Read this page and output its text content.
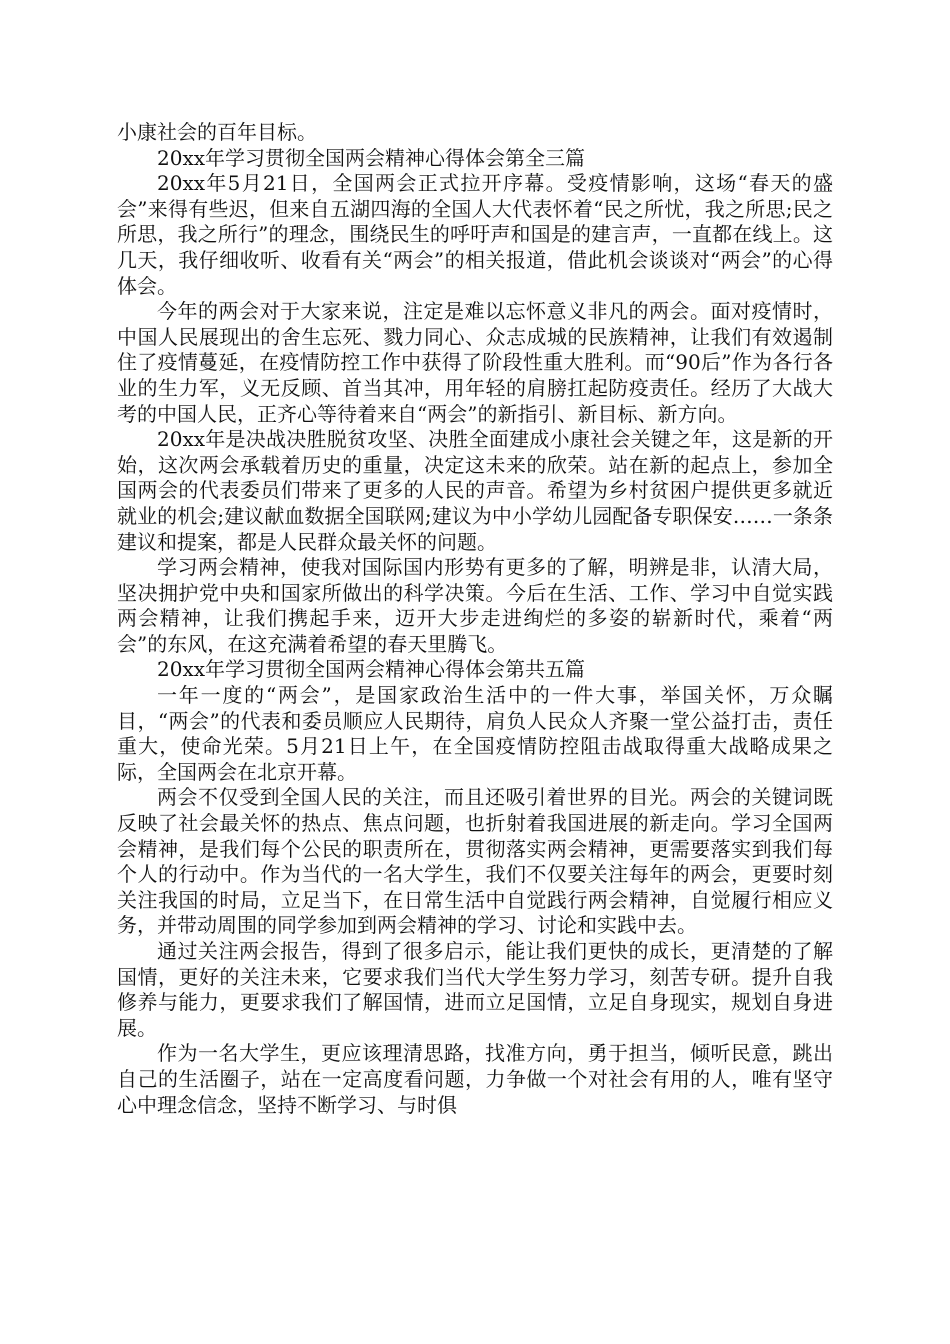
小康社会的百年目标。

20xx年学习贯彻全国两会精神心得体会第全三篇

20xx年5月21日，全国两会正式拉开序幕。受疫情影响，这场“春天的盛会”来得有些迟，但来自五湖四海的全国人大代表怀着“民之所忧，我之所思;民之所思，我之所行”的理念，围绕民生的呼吁声和国是的建言声，一直都在线上。这几天，我仔细收听、收看有关“两会”的相关报道，借此机会谈谈对“两会”的心得体会。

今年的两会对于大家来说，注定是难以忘怀意义非凡的两会。面对疫情时，中国人民展现出的舍生忘死、戮力同心、众志成城的民族精神，让我们有效遏制住了疫情蔓延，在疫情防控工作中获得了阶段性重大胜利。而“90后”作为各行各业的生力军，义无反顾、首当其冲，用年轻的肩膀扛起防疫责任。经历了大战大考的中国人民，正齐心等待着来自“两会”的新指引、新目标、新方向。

20xx年是决战决胜脱贫攻坚、决胜全面建成小康社会关键之年，这是新的开始，这次两会承载着历史的重量，决定这未来的欣荣。站在新的起点上，参加全国两会的代表委员们带来了更多的人民的声音。希望为乡村贫困户提供更多就近就业的机会;建议献血数据全国联网;建议为中小学幼儿园配备专职保安……一条条建议和提案，都是人民群众最关怀的问题。

学习两会精神，使我对国际国内形势有更多的了解，明辨是非，认清大局，坚决拥护党中央和国家所做出的科学决策。今后在生活、工作、学习中自觉实践两会精神，让我们携起手来，迈开大步走进绚烂的多姿的崭新时代，乘着“两会”的东风，在这充满着希望的春天里腾飞。

20xx年学习贯彻全国两会精神心得体会第共五篇

一年一度的“两会”，是国家政治生活中的一件大事，举国关怀，万众瞩目，“两会”的代表和委员顺应人民期待，肩负人民众人齐聚一堂公益打击，责任重大，使命光荣。5月21日上午，在全国疫情防控阻击战取得重大战略成果之际，全国两会在北京开幕。

两会不仅受到全国人民的关注，而且还吸引着世界的目光。两会的关键词既反映了社会最关怀的热点、焦点问题，也折射着我国进展的新走向。学习全国两会精神，是我们每个公民的职责所在，贯彻落实两会精神，更需要落实到我们每个人的行动中。作为当代的一名大学生，我们不仅要关注每年的两会，更要时刻关注我国的时局，立足当下，在日常生活中自觉践行两会精神，自觉履行相应义务，并带动周围的同学参加到两会精神的学习、讨论和实践中去。

通过关注两会报告，得到了很多启示，能让我们更快的成长，更清楚的了解国情，更好的关注未来，它要求我们当代大学生努力学习，刻苦专研。提升自我修养与能力，更要求我们了解国情，进而立足国情，立足自身现实，规划自身进展。

作为一名大学生，更应该理清思路，找准方向，勇于担当，倾听民意，跳出自己的生活圈子，站在一定高度看问题，力争做一个对社会有用的人，唯有坚守心中理念信念，坚持不断学习、与时俱
